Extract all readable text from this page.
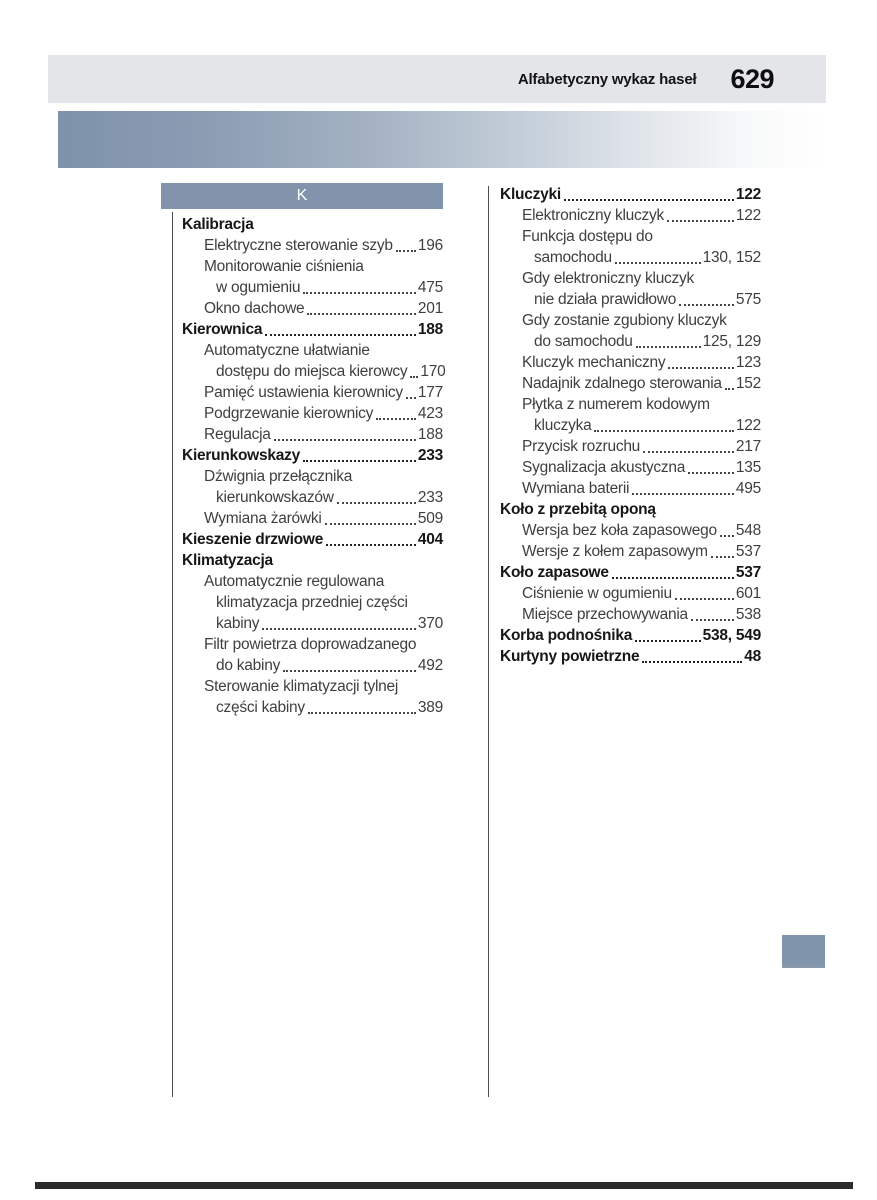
Alfabetyczny wykaz haseł 629
K
Kalibracja
Elektryczne sterowanie szyb 196
Monitorowanie ciśnienia
w ogumieniu	475
Okno dachowe	201
Kierownica	188
Automatyczne ułatwianie
dostępu do miejsca kierowcy 170
Pamięć ustawienia kierownicy 177
Podgrzewanie kierownicy	423
Regulacja	188
Kierunkowskazy	233
Dźwignia przełącznika
kierunkowskazów	233
Wymiana żarówki	509
Kieszenie drzwiowe	404
Klimatyzacja
Automatycznie regulowana
klimatyzacja przedniej części
kabiny	370
Filtr powietrza doprowadzanego
do kabiny	492
Sterowanie klimatyzacji tylnej
części kabiny	389
Kluczyki	122
Elektroniczny kluczyk	122
Funkcja dostępu do
samochodu	130, 152
Gdy elektroniczny kluczyk
nie działa prawidłowo	575
Gdy zostanie zgubiony kluczyk
do samochodu	125, 129
Kluczyk mechaniczny	123
Nadajnik zdalnego sterowania 152
Płytka z numerem kodowym
kluczyka	122
Przycisk rozruchu	217
Sygnalizacja akustyczna	135
Wymiana baterii	495
Koło z przebitą oponą
Wersja bez koła zapasowego 548
Wersje z kołem zapasowym 537
Koło zapasowe	537
Ciśnienie w ogumieniu	601
Miejsce przechowywania	538
Korba podnośnika	538, 549
Kurtyny powietrzne	48
